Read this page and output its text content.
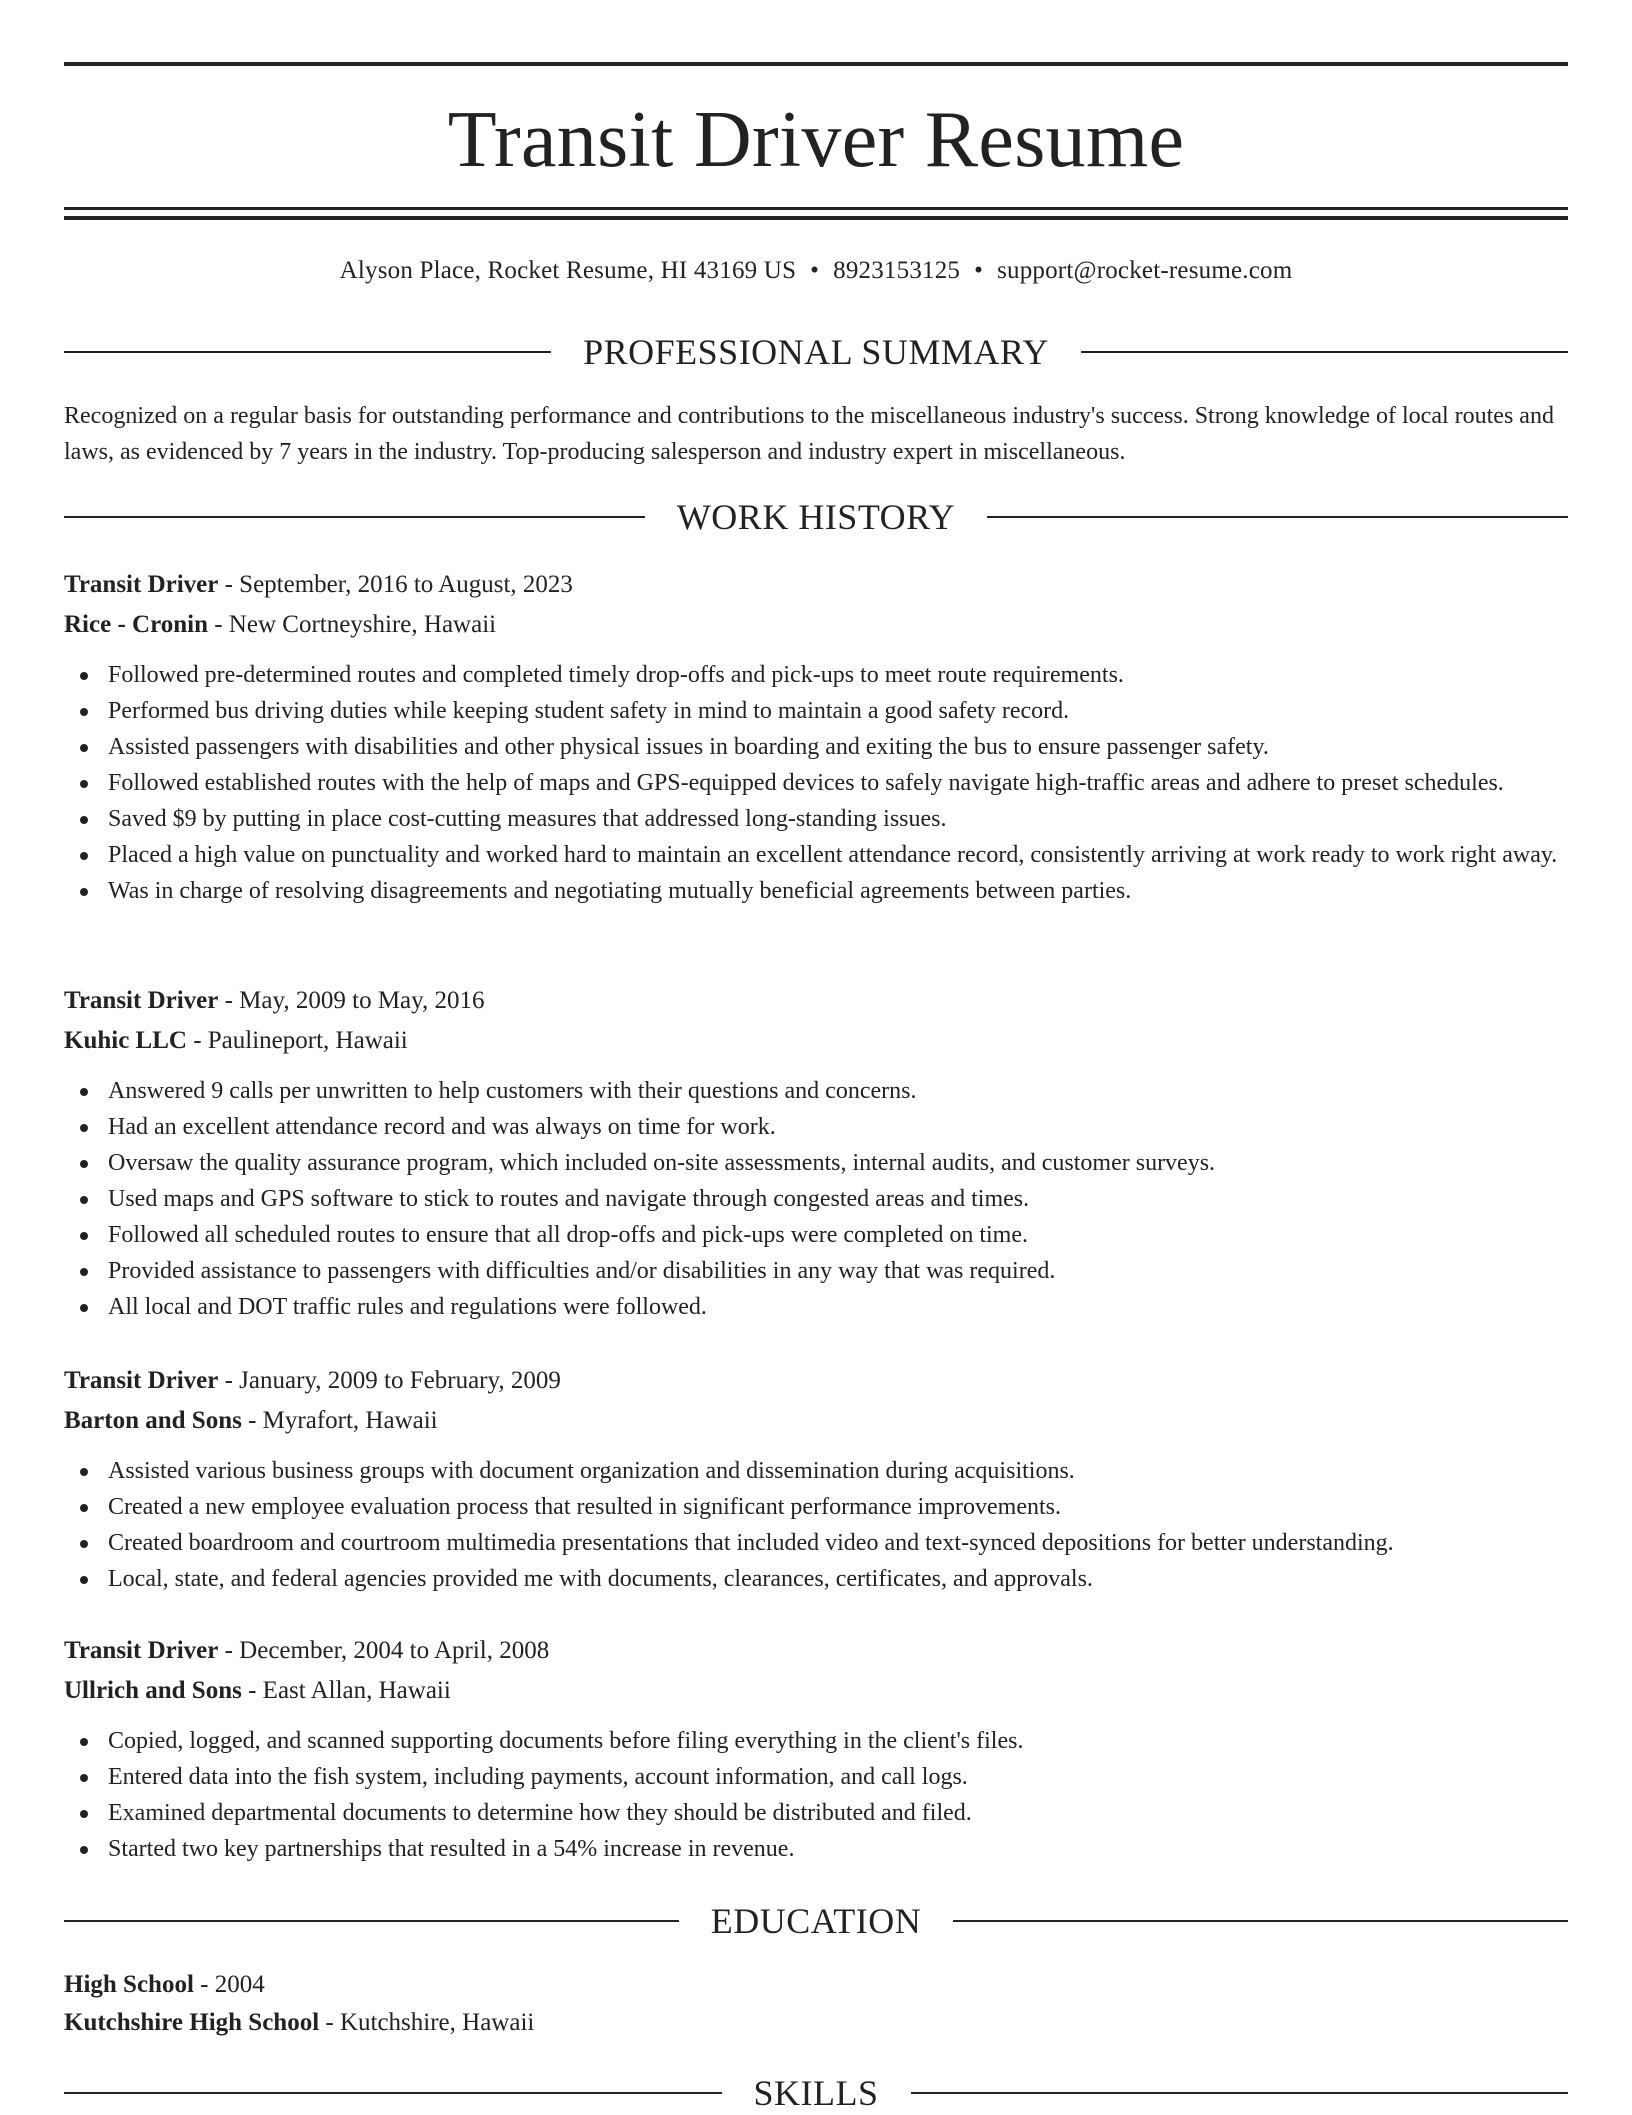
Transit Driver Resume
Alyson Place, Rocket Resume, HI 43169 US • 8923153125 • support@rocket-resume.com
PROFESSIONAL SUMMARY

Recognized on a regular basis for outstanding performance and contributions to the miscellaneous industry's success. Strong knowledge of local routes and laws, as evidenced by 7 years in the industry. Top-producing salesperson and industry expert in miscellaneous.

WORK HISTORY
Transit Driver - September, 2016 to August, 2023
Rice - Cronin - New Cortneyshire, Hawaii
Followed pre-determined routes and completed timely drop-offs and pick-ups to meet route requirements.
Performed bus driving duties while keeping student safety in mind to maintain a good safety record.
Assisted passengers with disabilities and other physical issues in boarding and exiting the bus to ensure passenger safety.
Followed established routes with the help of maps and GPS-equipped devices to safely navigate high-traffic areas and adhere to preset schedules.
Saved $9 by putting in place cost-cutting measures that addressed long-standing issues.
Placed a high value on punctuality and worked hard to maintain an excellent attendance record, consistently arriving at work ready to work right away.
Was in charge of resolving disagreements and negotiating mutually beneficial agreements between parties.
Transit Driver - May, 2009 to May, 2016
Kuhic LLC - Paulineport, Hawaii
Answered 9 calls per unwritten to help customers with their questions and concerns.
Had an excellent attendance record and was always on time for work.
Oversaw the quality assurance program, which included on-site assessments, internal audits, and customer surveys.
Used maps and GPS software to stick to routes and navigate through congested areas and times.
Followed all scheduled routes to ensure that all drop-offs and pick-ups were completed on time.
Provided assistance to passengers with difficulties and/or disabilities in any way that was required.
All local and DOT traffic rules and regulations were followed.
Transit Driver - January, 2009 to February, 2009
Barton and Sons - Myrafort, Hawaii
Assisted various business groups with document organization and dissemination during acquisitions.
Created a new employee evaluation process that resulted in significant performance improvements.
Created boardroom and courtroom multimedia presentations that included video and text-synced depositions for better understanding.
Local, state, and federal agencies provided me with documents, clearances, certificates, and approvals.
Transit Driver - December, 2004 to April, 2008
Ullrich and Sons - East Allan, Hawaii
Copied, logged, and scanned supporting documents before filing everything in the client's files.
Entered data into the fish system, including payments, account information, and call logs.
Examined departmental documents to determine how they should be distributed and filed.
Started two key partnerships that resulted in a 54% increase in revenue.
EDUCATION
High School - 2004
Kutchshire High School - Kutchshire, Hawaii
SKILLS
